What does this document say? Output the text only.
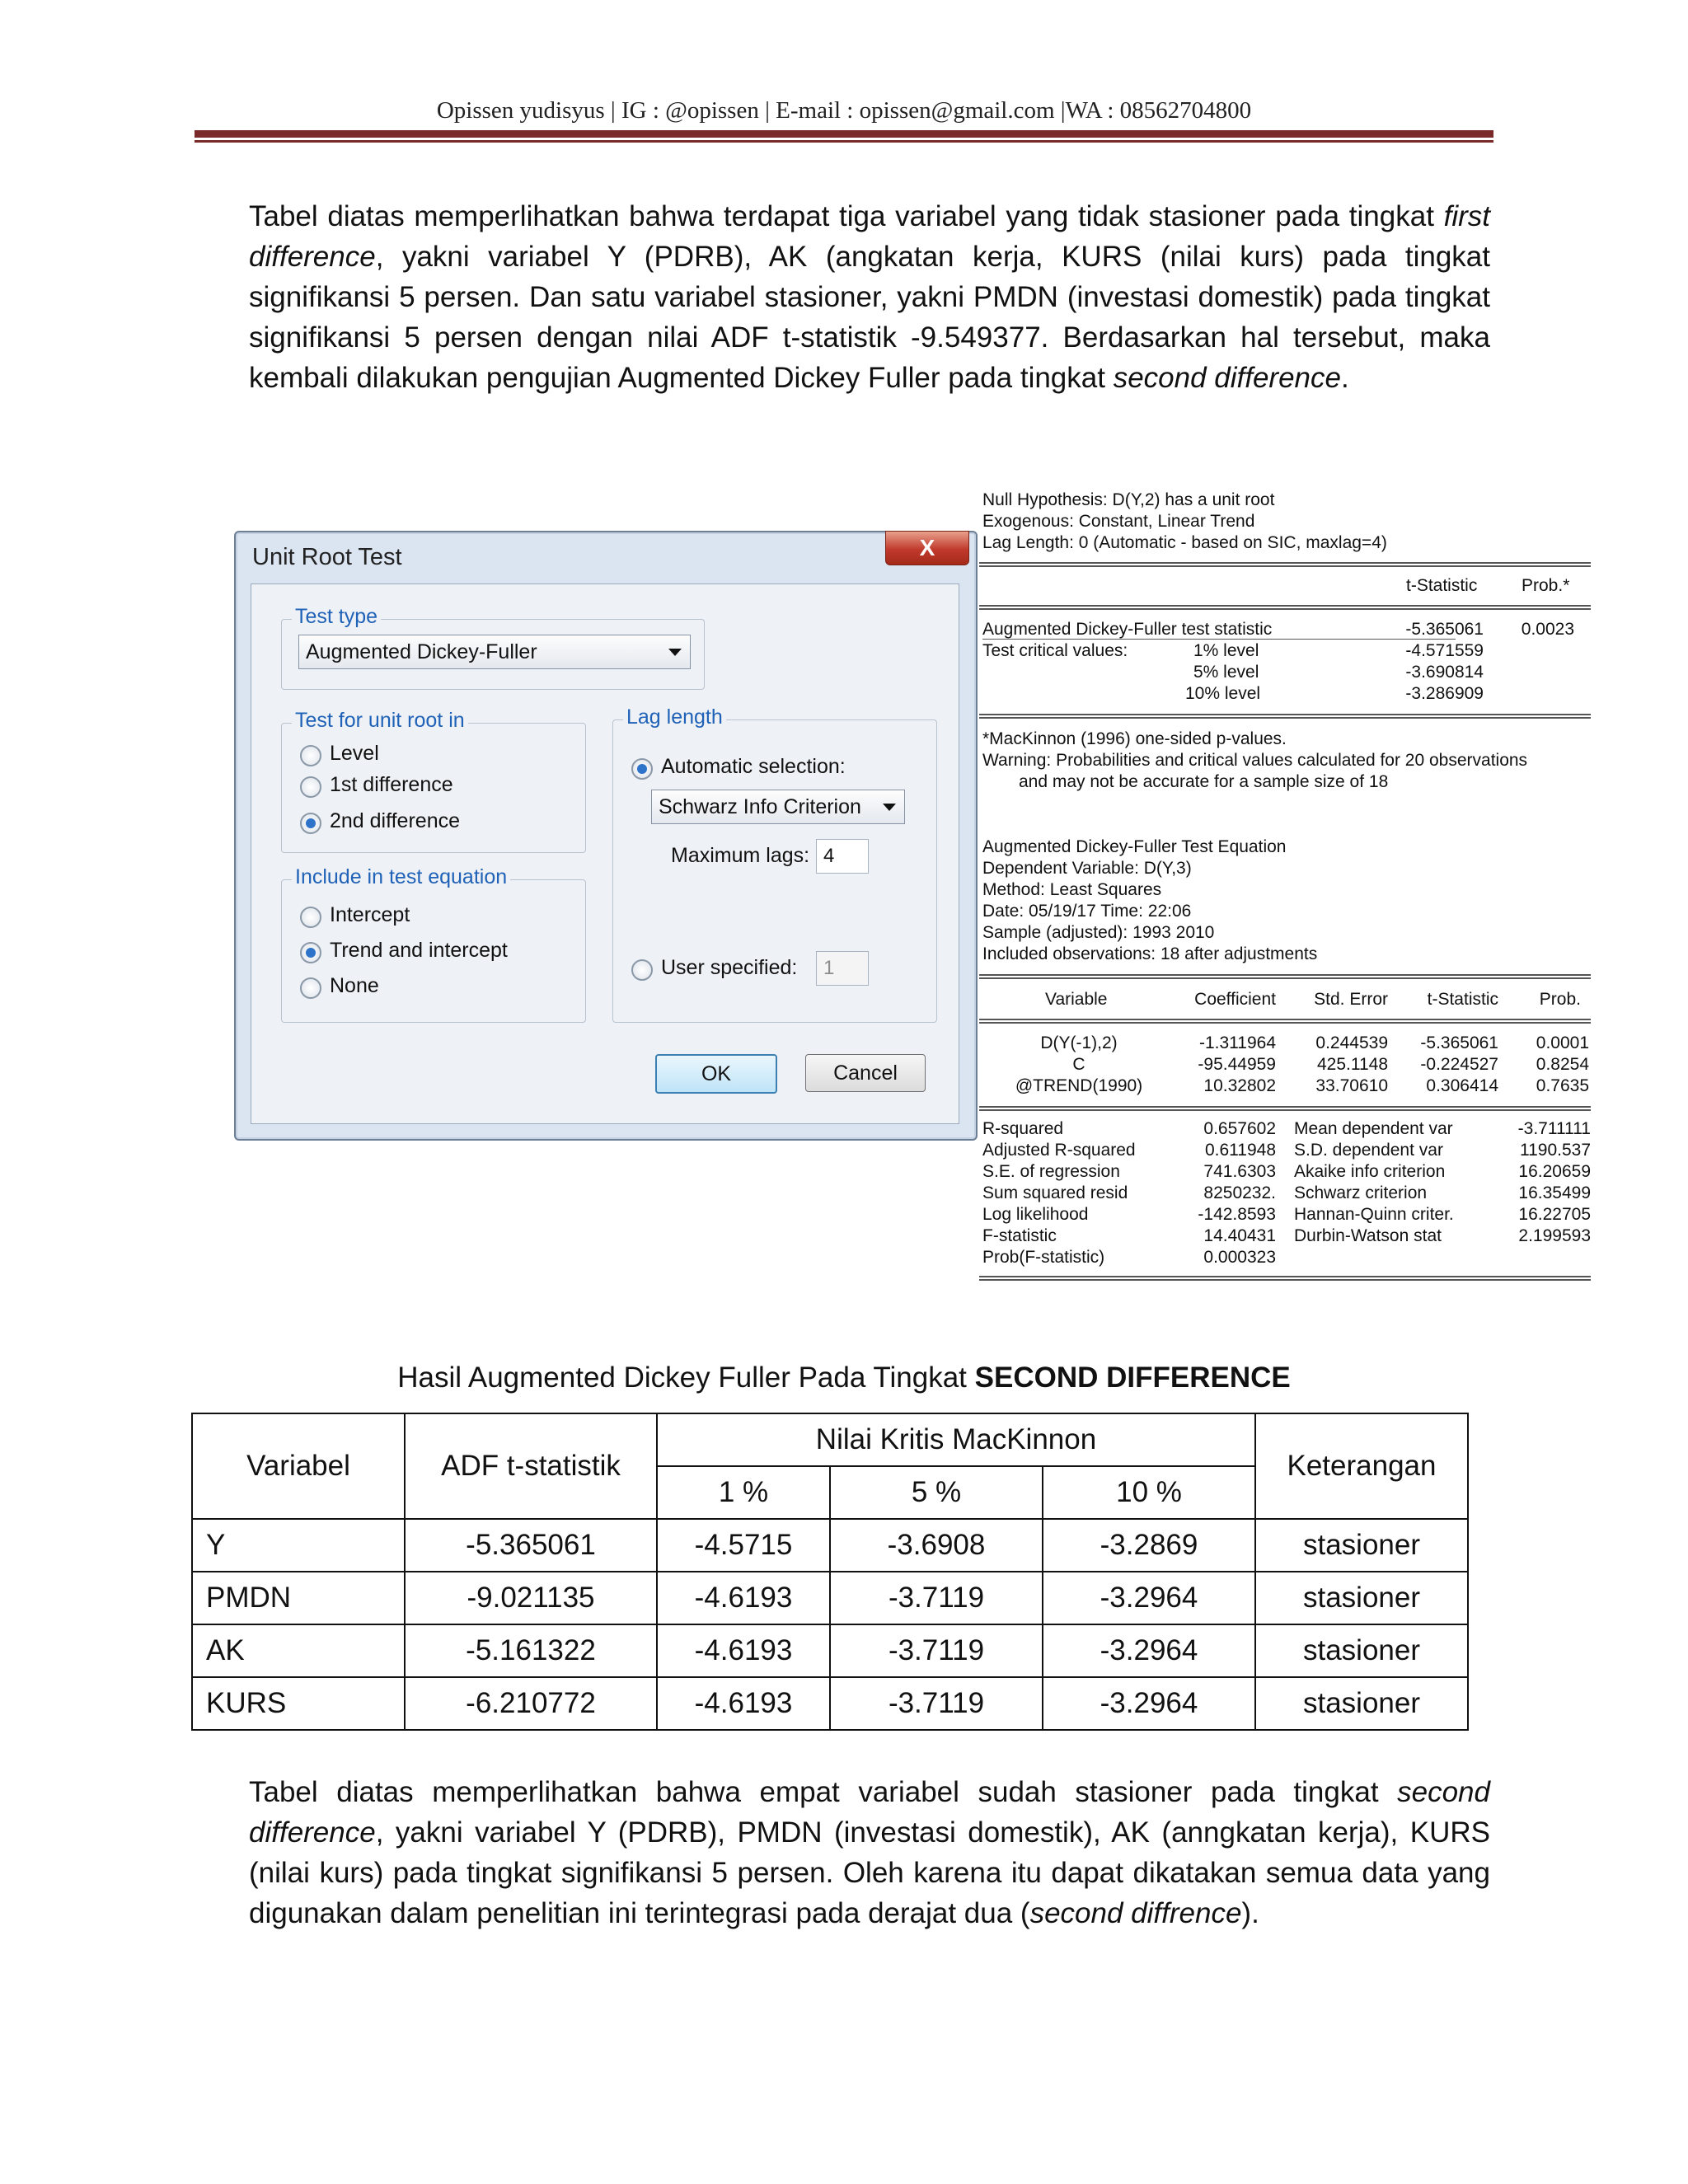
Opissen yudisyus | IG : @opissen | E-mail : opissen@gmail.com |WA : 08562704800
Tabel diatas memperlihatkan bahwa terdapat tiga variabel yang tidak stasioner pada tingkat first difference, yakni variabel Y (PDRB), AK (angkatan kerja, KURS (nilai kurs) pada tingkat signifikansi 5 persen. Dan satu variabel stasioner, yakni PMDN (investasi domestik) pada tingkat signifikansi 5 persen dengan nilai ADF t-statistik -9.549377. Berdasarkan hal tersebut, maka kembali dilakukan pengujian Augmented Dickey Fuller pada tingkat second difference.
Unit Root Test	X
Test type
Augmented Dickey-Fuller
Test for unit root in
Level
1st difference
2nd difference
Include in test equation
Intercept
Trend and intercept
None
Lag length
Automatic selection:
Schwarz Info Criterion
Maximum lags: 4
User specified:	1
OK	Cancel
Null Hypothesis: D(Y,2) has a unit root
Exogenous: Constant, Linear Trend
Lag Length: 0 (Automatic - based on SIC, maxlag=4)
t-Statistic	Prob.*
Augmented Dickey-Fuller test statistic	-5.365061	0.0023
Test critical values:	1% level	-4.571559
5% level	-3.690814
10% level	-3.286909
*MacKinnon (1996) one-sided p-values.
Warning: Probabilities and critical values calculated for 20 observations
and may not be accurate for a sample size of 18
Augmented Dickey-Fuller Test Equation
Dependent Variable: D(Y,3)
Method: Least Squares
Date: 05/19/17 Time: 22:06
Sample (adjusted): 1993 2010
Included observations: 18 after adjustments
Variable	Coefficient	Std. Error	t-Statistic	Prob.
D(Y(-1),2)	-1.311964	0.244539	-5.365061	0.0001
C	-95.44959	425.1148	-0.224527	0.8254
@TREND(1990)	10.32802	33.70610	0.306414	0.7635
R-squared	0.657602 Mean dependent var	-3.711111
Adjusted R-squared	0.611948 S.D. dependent var	1190.537
S.E. of regression	741.6303 Akaike info criterion	16.20659
Sum squared resid	8250232. Schwarz criterion	16.35499
Log likelihood	-142.8593 Hannan-Quinn criter.	16.22705
F-statistic	14.40431 Durbin-Watson stat	2.199593
Prob(F-statistic)	0.000323
Hasil Augmented Dickey Fuller Pada Tingkat SECOND DIFFERENCE
Variabel	ADF t-statistik	Nilai Kritis MacKinnon			Keterangan
		1 %	5 %	10 %	
Y	-5.365061	-4.5715	-3.6908	-3.2869	stasioner
PMDN	-9.021135	-4.6193	-3.7119	-3.2964	stasioner
AK	-5.161322	-4.6193	-3.7119	-3.2964	stasioner
KURS	-6.210772	-4.6193	-3.7119	-3.2964	stasioner
Tabel diatas memperlihatkan bahwa empat variabel sudah stasioner pada tingkat second difference, yakni variabel Y (PDRB), PMDN (investasi domestik), AK (anngkatan kerja), KURS (nilai kurs) pada tingkat signifikansi 5 persen. Oleh karena itu dapat dikatakan semua data yang digunakan dalam penelitian ini terintegrasi pada derajat dua (second diffrence).
